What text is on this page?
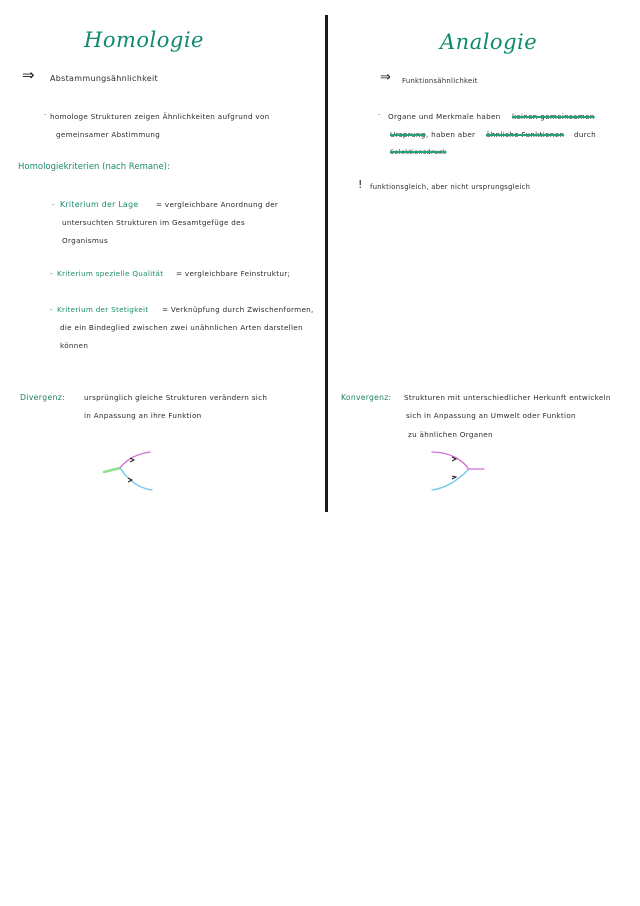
Homologie
⇒ Abstammungsähnlichkeit
· homologe Strukturen zeigen Ähnlichkeiten aufgrund von
gemeinsamer Abstimmung
Homologiekriterien (nach Remane):
- Kriterium der Lage = vergleichbare Anordnung der
untersuchten Strukturen im Gesamtgefüge des
Organismus
- Kriterium spezielle Qualität = vergleichbare Feinstruktur;
- Kriterium der Stetigkeit = Verknüpfung durch Zwischenformen,
die ein Bindeglied zwischen zwei unähnlichen Arten darstellen
können
Divergenz:	ursprünglich gleiche Strukturen verändern sich
in Anpassung an ihre Funktion
Analogie
⇒ Funktionsähnlichkeit
· Organe und Merkmale haben keinen gemeinsamen
Ursprung , haben aber ähnliche Funktionen durch
Selektionsdruck
! funktionsgleich, aber nicht ursprungsgleich
Konvergenz: Strukturen mit unterschiedlicher Herkunft entwickeln
sich in Anpassung an Umwelt oder Funktion
zu ähnlichen Organen
